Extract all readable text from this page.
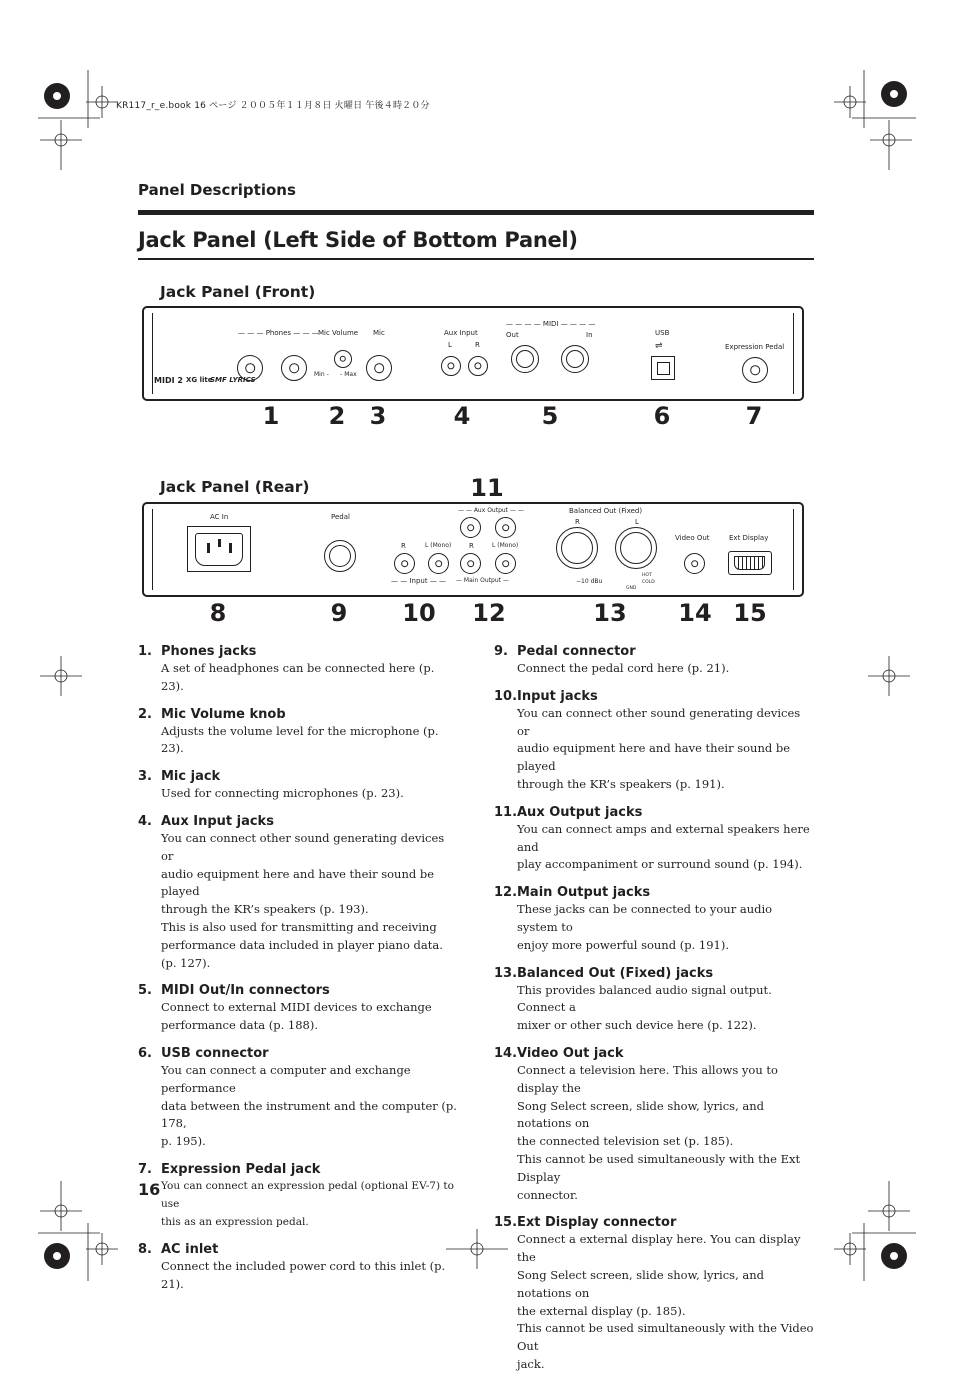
KR117_r_e.book 16 ページ ２００５年１１月８日 火曜日 午後４時２０分
Panel Descriptions
Jack Panel (Left Side of Bottom Panel)
Jack Panel (Front)
— — — Phones — — — Mic Volume
Min -      - Max
Mic	Aux Input
L	R
— — — — MIDI — — — —
Out	In	USB
⇌	Expression Pedal
MIDI 2 XG lite
SMF LYRICS
1 2 3	4	5	6	7
Jack Panel (Rear)	11
AC In	Pedal
R	L (Mono)
— — Input — —
— — Aux Output — —
R	L (Mono)
— Main Output —
Balanced Out (Fixed)
R	L
−10 dBu
HOT
COLD
GND
Video Out	Ext Display
8	9 10 12	13 14 15
1. Phones jacks
A set of headphones can be connected here (p. 23).
2. Mic Volume knob
Adjusts the volume level for the microphone (p. 23).
3. Mic jack
Used for connecting microphones (p. 23).
4. Aux Input jacks
You can connect other sound generating devices or
audio equipment here and have their sound be played
through the KR’s speakers (p. 193).
This is also used for transmitting and receiving
performance data included in player piano data. (p. 127).
5. MIDI Out/In connectors
Connect to external MIDI devices to exchange
performance data (p. 188).
6. USB connector
You can connect a computer and exchange performance
data between the instrument and the computer (p. 178,
p. 195).
7. Expression Pedal jack
You can connect an expression pedal (optional EV-7) to use
this as an expression pedal.
8. AC inlet
Connect the included power cord to this inlet (p. 21).
9. Pedal connector
Connect the pedal cord here (p. 21).
10.Input jacks
You can connect other sound generating devices or
audio equipment here and have their sound be played
through the KR’s speakers (p. 191).
11.Aux Output jacks
You can connect amps and external speakers here and
play accompaniment or surround sound (p. 194).
12.Main Output jacks
These jacks can be connected to your audio system to
enjoy more powerful sound (p. 191).
13.Balanced Out (Fixed) jacks
This provides balanced audio signal output. Connect a
mixer or other such device here (p. 122).
14.Video Out jack
Connect a television here. This allows you to display the
Song Select screen, slide show, lyrics, and notations on
the connected television set (p. 185).
This cannot be used simultaneously with the Ext Display
connector.
15.Ext Display connector
Connect a external display here. You can display the
Song Select screen, slide show, lyrics, and notations on
the external display (p. 185).
This cannot be used simultaneously with the Video Out
jack.
16
